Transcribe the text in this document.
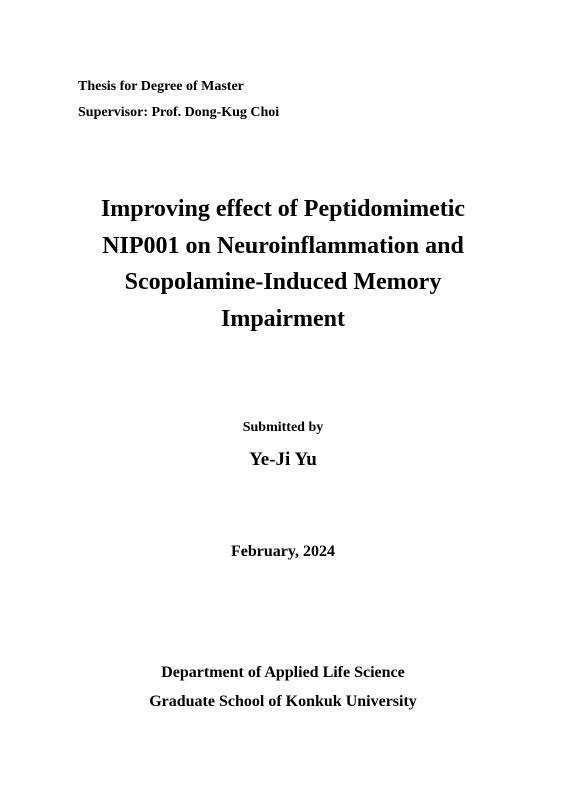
Thesis for Degree of Master
Supervisor: Prof. Dong-Kug Choi
Improving effect of Peptidomimetic
NIP001 on Neuroinflammation and
Scopolamine-Induced Memory
Impairment
Submitted by
Ye-Ji Yu
February, 2024
Department of Applied Life Science
Graduate School of Konkuk University
